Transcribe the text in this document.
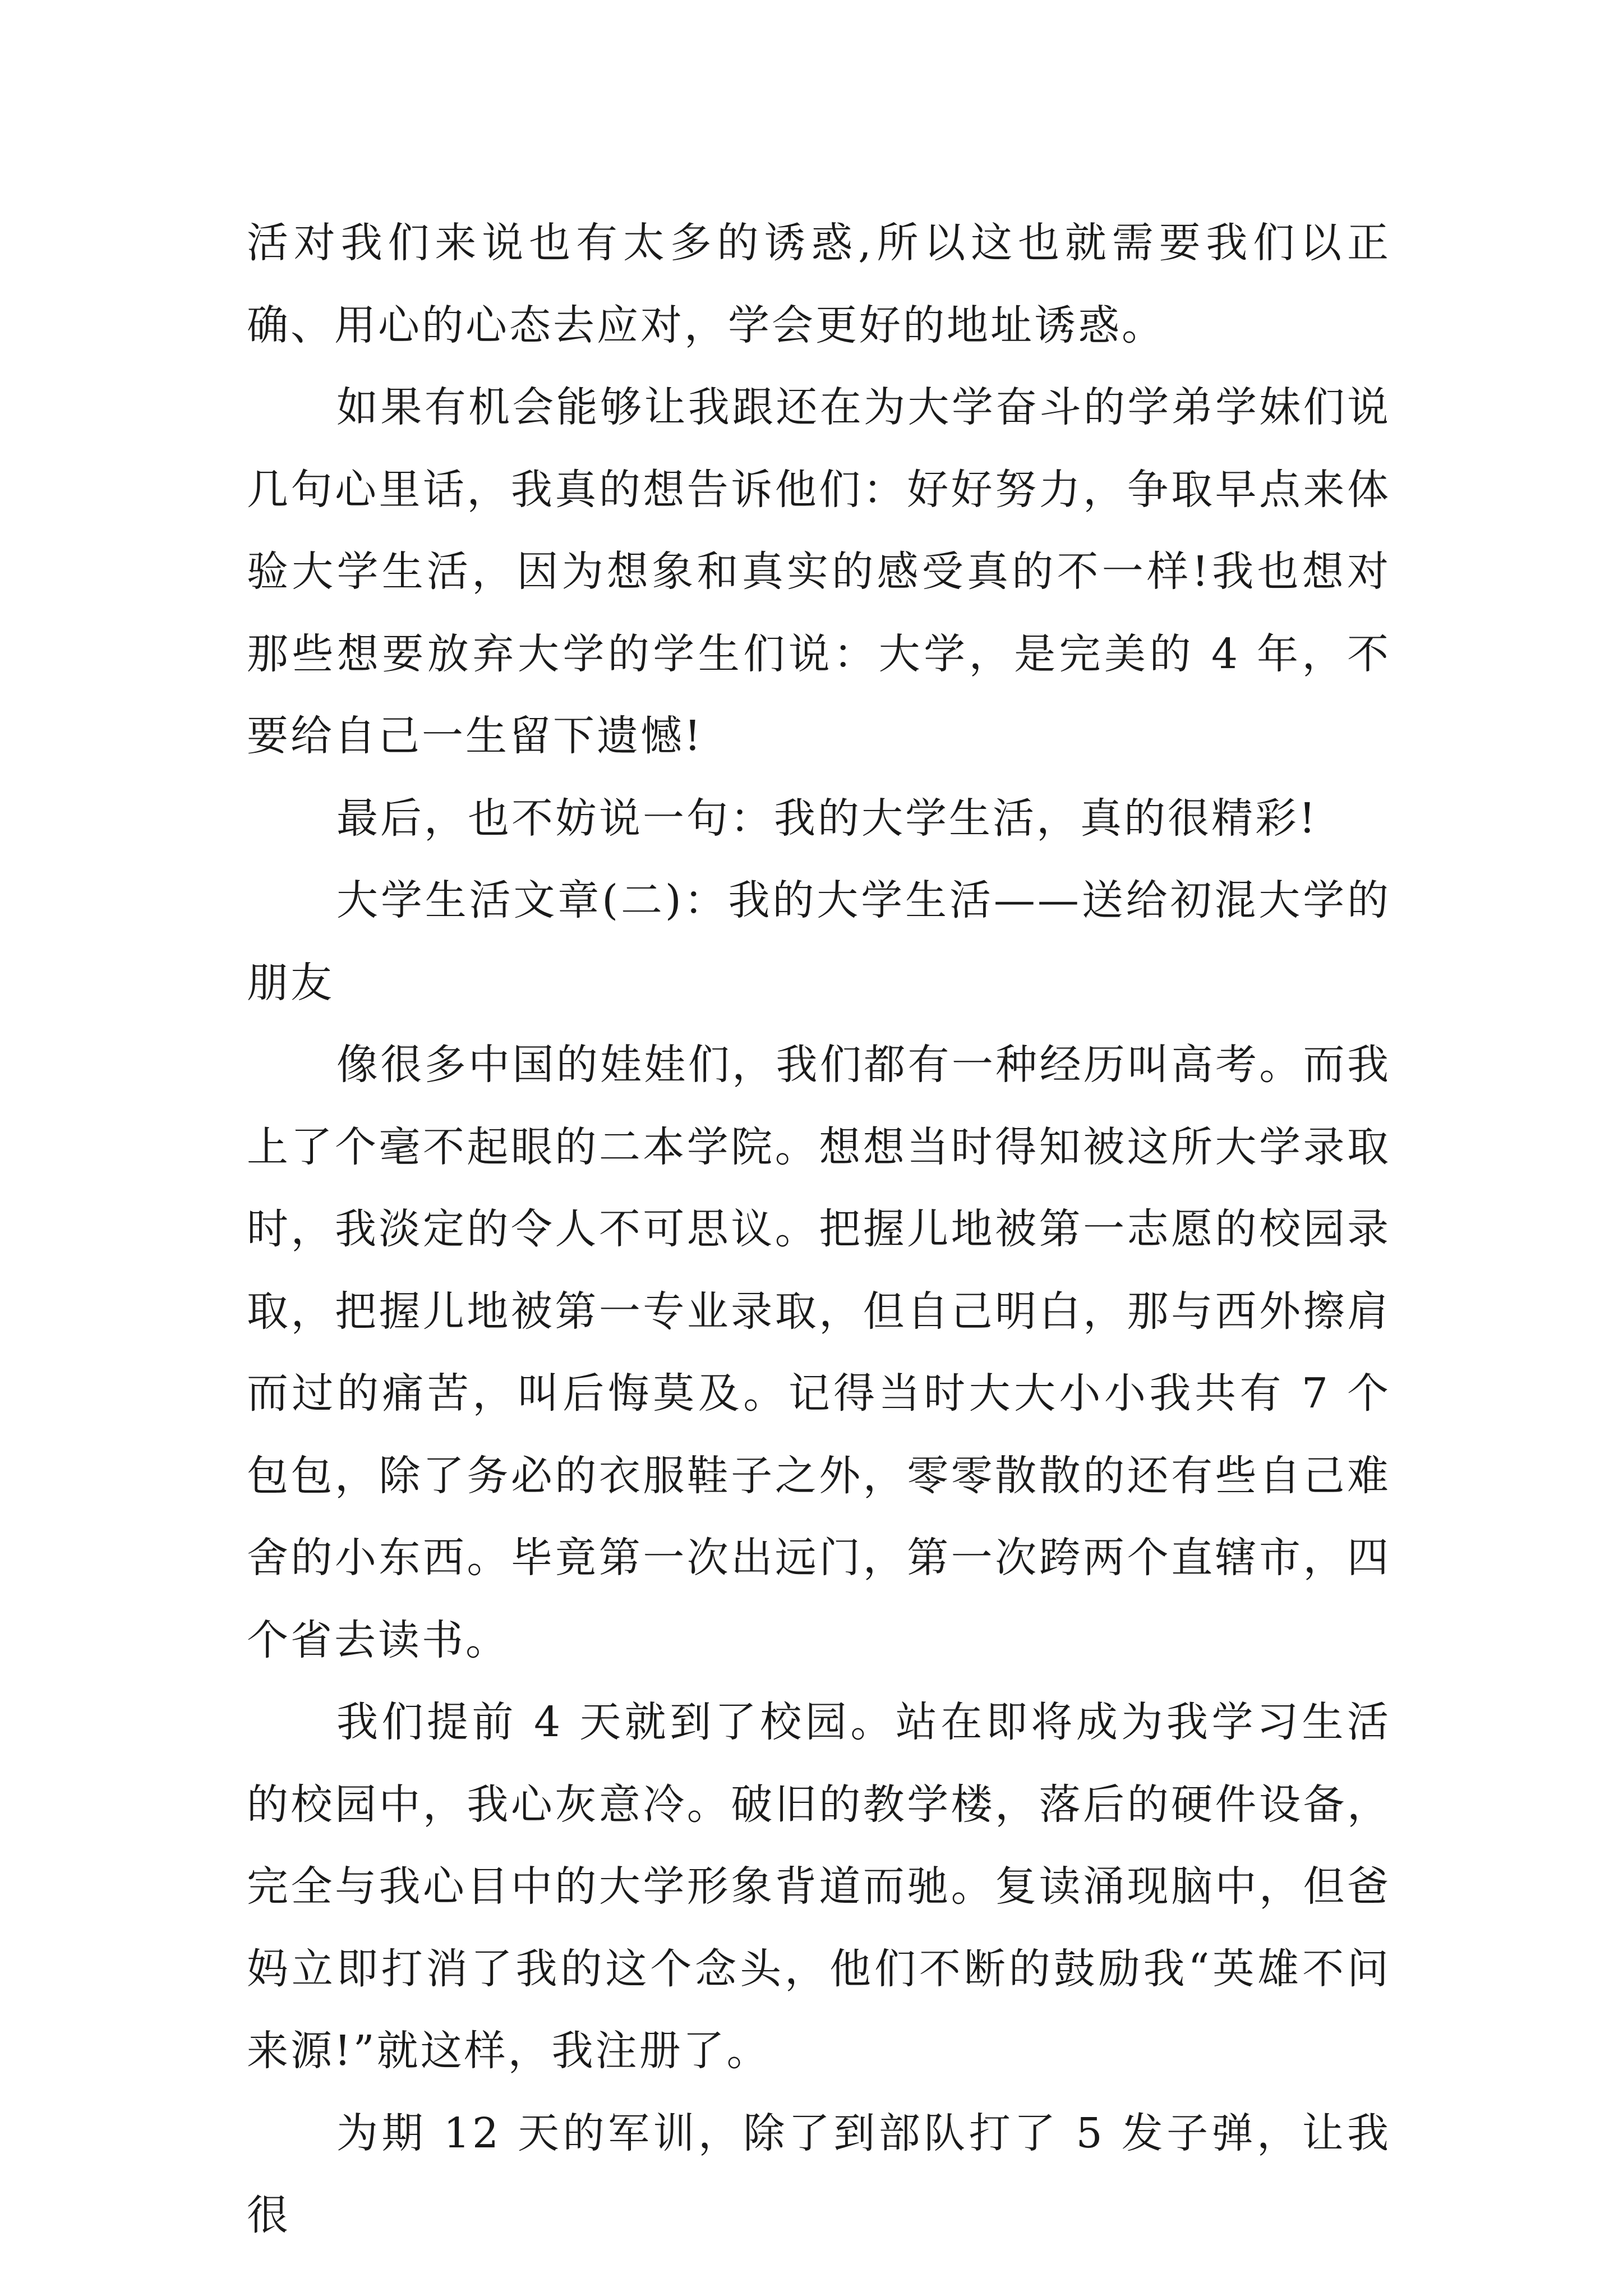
活对我们来说也有太多的诱惑,所以这也就需要我们以正确、用心的心态去应对，学会更好的地址诱惑。

如果有机会能够让我跟还在为大学奋斗的学弟学妹们说几句心里话，我真的想告诉他们：好好努力，争取早点来体验大学生活，因为想象和真实的感受真的不一样!我也想对那些想要放弃大学的学生们说：大学，是完美的 4 年，不要给自己一生留下遗憾!

最后，也不妨说一句：我的大学生活，真的很精彩!

大学生活文章(二)：我的大学生活——送给初混大学的朋友

像很多中国的娃娃们，我们都有一种经历叫高考。而我上了个毫不起眼的二本学院。想想当时得知被这所大学录取时，我淡定的令人不可思议。把握儿地被第一志愿的校园录取，把握儿地被第一专业录取，但自己明白，那与西外擦肩而过的痛苦，叫后悔莫及。记得当时大大小小我共有 7 个包包，除了务必的衣服鞋子之外，零零散散的还有些自己难舍的小东西。毕竟第一次出远门，第一次跨两个直辖市，四个省去读书。

我们提前 4 天就到了校园。站在即将成为我学习生活的校园中，我心灰意冷。破旧的教学楼，落后的硬件设备，完全与我心目中的大学形象背道而驰。复读涌现脑中，但爸妈立即打消了我的这个念头，他们不断的鼓励我“英雄不问来源!”就这样，我注册了。

为期 12 天的军训，除了到部队打了 5 发子弹，让我很
